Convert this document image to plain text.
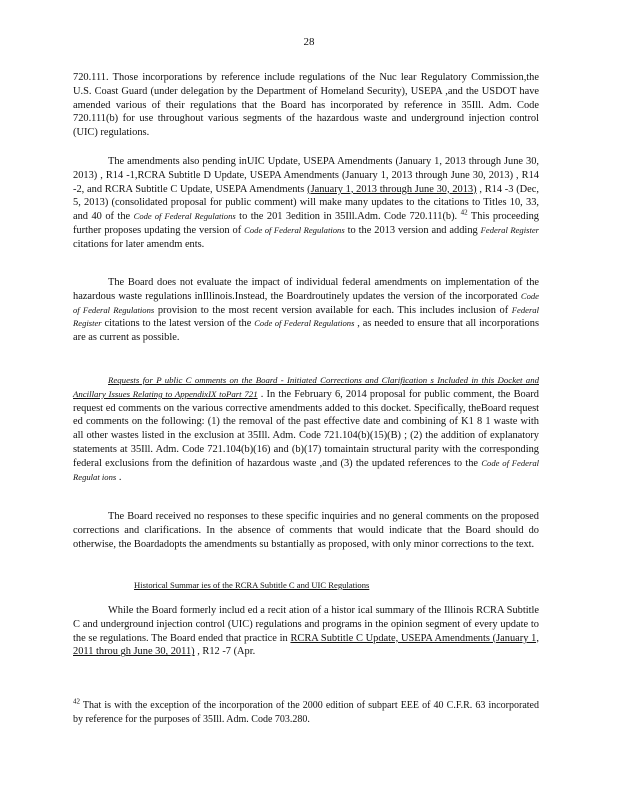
28

720.111. Those incorporations by reference include regulations of the Nuc lear Regulatory Commission,the U.S. Coast Guard (under delegation by the Department of Homeland Security), USEPA ,and the USDOT have amended various of their regulations that the Board has incorporated by reference in 35Ill. Adm. Code 720.111(b) for use throughout various segments of the hazardous waste and underground injection control (UIC) regulations.

The amendments also pending inUIC Update, USEPA Amendments (January 1, 2013 through June 30, 2013) , R14 -1,RCRA Subtitle D Update, USEPA Amendments (January 1, 2013 through June 30, 2013) , R14 -2, and RCRA Subtitle C Update, USEPA Amendments (January 1, 2013 through June 30, 2013) , R14 -3 (Dec, 5, 2013) (consolidated proposal for public comment) will make many updates to the citations to Titles 10, 33, and 40 of the Code of Federal Regulations to the 201 3edition in 35Ill.Adm. Code 720.111(b). $^{42}$ This proceeding further proposes updating the version of Code of Federal Regulations to the 2013 version and adding Federal Register citations for later amendm ents.

The Board does not evaluate the impact of individual federal amendments on implementation of the hazardous waste regulations inIllinois.Instead, the Boardroutinely updates the version of the incorporated Code of Federal Regulations provision to the most recent version available for each. This includes inclusion of Federal Register citations to the latest version of the Code of Federal Regulations , as needed to ensure that all incorporations are as current as possible.

Requests for P ublic C omments on the Board - Initiated Corrections and Clarification s Included in this Docket and Ancillary Issues Relating to AppendixIX toPart 721 . In the February 6, 2014 proposal for public comment, the Board request ed comments on the various corrective amendments added to this docket. Specifically, theBoard request ed comments on the following: (1) the removal of the past effective date and combining of K1 8 1 waste with all other wastes listed in the exclusion at 35Ill. Adm. Code 721.104(b)(15)(B) ; (2) the addition of explanatory statements at 35Ill. Adm. Code 721.104(b)(16) and (b)(17) tomaintain structural parity with the corresponding federal exclusions from the definition of hazardous waste ,and (3) the updated references to the Code of Federal Regulat ions .

The Board received no responses to these specific inquiries and no general comments on the proposed corrections and clarifications. In the absence of comments that would indicate that the Board should do otherwise, the Boardadopts the amendments su bstantially as proposed, with only minor corrections to the text.

Historical Summar ies of the RCRA Subtitle C and UIC Regulations

While the Board formerly includ ed a recit ation of a histor ical summary of the Illinois RCRA Subtitle C and underground injection control (UIC) regulations and programs in the opinion segment of every update to the se regulations. The Board ended that practice in RCRA Subtitle C Update, USEPA Amendments (January 1, 2011 throu gh June 30, 2011) , R12 -7 (Apr.

$^{42}$ That is with the exception of the incorporation of the 2000 edition of subpart EEE of 40 C.F.R. 63 incorporated by reference for the purposes of 35Ill. Adm. Code 703.280.
